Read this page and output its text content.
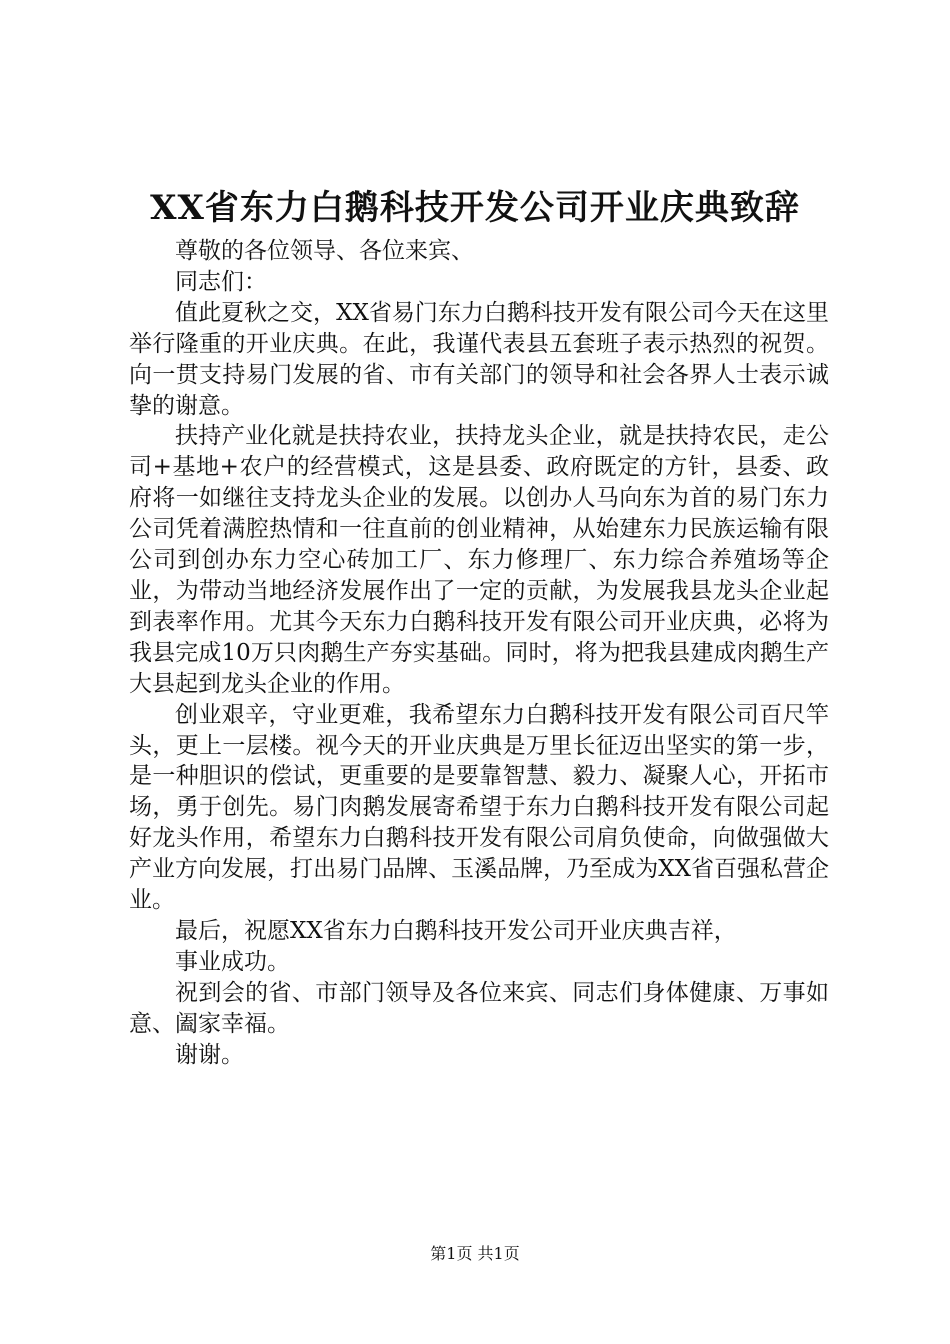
XX省东力白鹅科技开发公司开业庆典致辞

尊敬的各位领导、各位来宾、

同志们：

值此夏秋之交，XX省易门东力白鹅科技开发有限公司今天在这里举行隆重的开业庆典。在此，我谨代表县五套班子表示热烈的祝贺。向一贯支持易门发展的省、市有关部门的领导和社会各界人士表示诚挚的谢意。

扶持产业化就是扶持农业，扶持龙头企业，就是扶持农民，走公司+基地+农户的经营模式，这是县委、政府既定的方针，县委、政府将一如继往支持龙头企业的发展。以创办人马向东为首的易门东力公司凭着满腔热情和一往直前的创业精神，从始建东力民族运输有限公司到创办东力空心砖加工厂、东力修理厂、东力综合养殖场等企业，为带动当地经济发展作出了一定的贡献，为发展我县龙头企业起到表率作用。尤其今天东力白鹅科技开发有限公司开业庆典，必将为我县完成10万只肉鹅生产夯实基础。同时，将为把我县建成肉鹅生产大县起到龙头企业的作用。

创业艰辛，守业更难，我希望东力白鹅科技开发有限公司百尺竿头，更上一层楼。视今天的开业庆典是万里长征迈出坚实的第一步，是一种胆识的偿试，更重要的是要靠智慧、毅力、凝聚人心，开拓市场，勇于创先。易门肉鹅发展寄希望于东力白鹅科技开发有限公司起好龙头作用，希望东力白鹅科技开发有限公司肩负使命，向做强做大产业方向发展，打出易门品牌、玉溪品牌，乃至成为XX省百强私营企业。

最后，祝愿XX省东力白鹅科技开发公司开业庆典吉祥，

事业成功。

祝到会的省、市部门领导及各位来宾、同志们身体健康、万事如意、阖家幸福。

谢谢。

第1页 共1页
